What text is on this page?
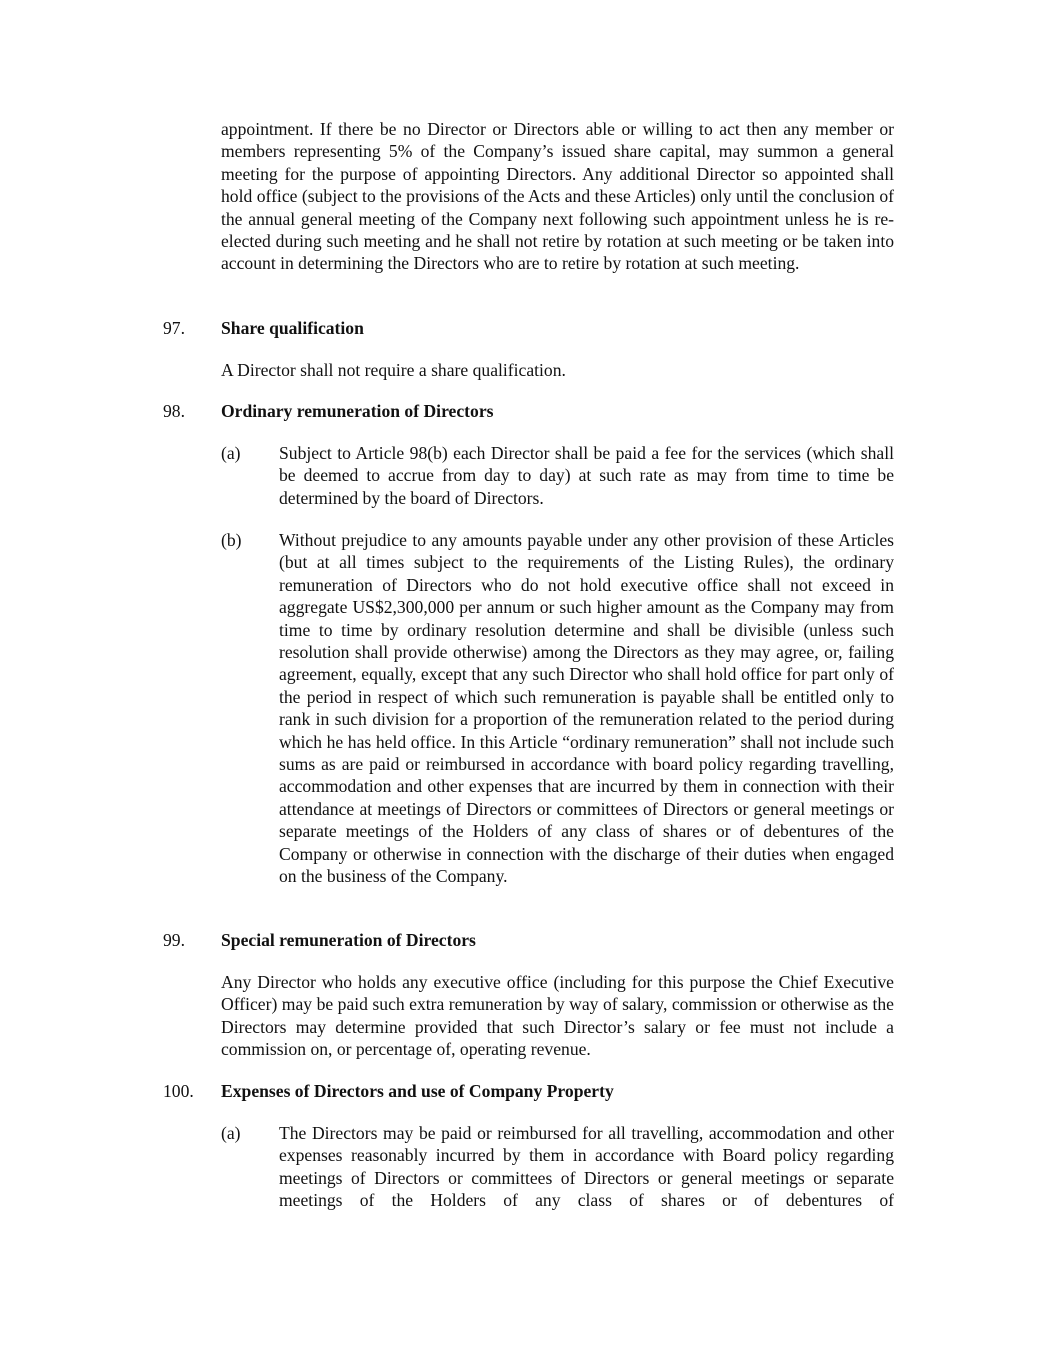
appointment. If there be no Director or Directors able or willing to act then any member or members representing 5% of the Company’s issued share capital, may summon a general meeting for the purpose of appointing Directors. Any additional Director so appointed shall hold office (subject to the provisions of the Acts and these Articles) only until the conclusion of the annual general meeting of the Company next following such appointment unless he is re-elected during such meeting and he shall not retire by rotation at such meeting or be taken into account in determining the Directors who are to retire by rotation at such meeting.

97. Share qualification

A Director shall not require a share qualification.

98. Ordinary remuneration of Directors

(a) Subject to Article 98(b) each Director shall be paid a fee for the services (which shall be deemed to accrue from day to day) at such rate as may from time to time be determined by the board of Directors.

(b) Without prejudice to any amounts payable under any other provision of these Articles (but at all times subject to the requirements of the Listing Rules), the ordinary remuneration of Directors who do not hold executive office shall not exceed in aggregate US$2,300,000 per annum or such higher amount as the Company may from time to time by ordinary resolution determine and shall be divisible (unless such resolution shall provide otherwise) among the Directors as they may agree, or, failing agreement, equally, except that any such Director who shall hold office for part only of the period in respect of which such remuneration is payable shall be entitled only to rank in such division for a proportion of the remuneration related to the period during which he has held office. In this Article “ordinary remuneration” shall not include such sums as are paid or reimbursed in accordance with board policy regarding travelling, accommodation and other expenses that are incurred by them in connection with their attendance at meetings of Directors or committees of Directors or general meetings or separate meetings of the Holders of any class of shares or of debentures of the Company or otherwise in connection with the discharge of their duties when engaged on the business of the Company.

99. Special remuneration of Directors

Any Director who holds any executive office (including for this purpose the Chief Executive Officer) may be paid such extra remuneration by way of salary, commission or otherwise as the Directors may determine provided that such Director’s salary or fee must not include a commission on, or percentage of, operating revenue.

100. Expenses of Directors and use of Company Property

(a) The Directors may be paid or reimbursed for all travelling, accommodation and other expenses reasonably incurred by them in accordance with Board policy regarding meetings of Directors or committees of Directors or general meetings or separate meetings of the Holders of any class of shares or of debentures of
